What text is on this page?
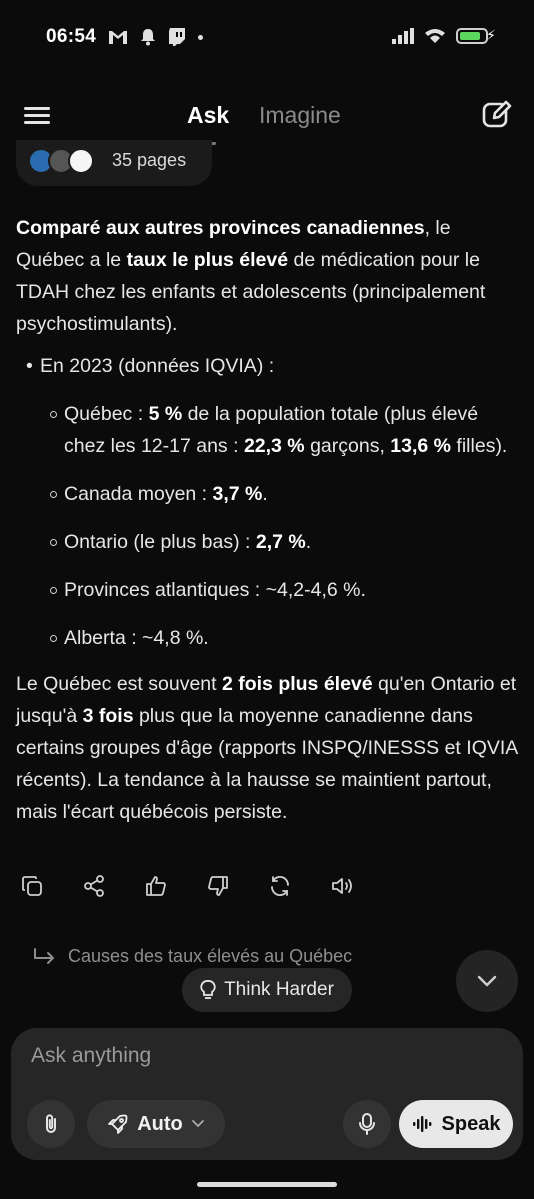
06:54	⚡
Ask Imagine
35 pages

Comparé aux autres provinces canadiennes, le Québec a le taux le plus élevé de médication pour le TDAH chez les enfants et adolescents (principalement psychostimulants).

• En 2023 (données IQVIA) :
Québec : 5 % de la population totale (plus élevé chez les 12-17 ans : 22,3 % garçons, 13,6 % filles).
Canada moyen : 3,7 %.
Ontario (le plus bas) : 2,7 %.
Provinces atlantiques : ~4,2-4,6 %.
Alberta : ~4,8 %.

Le Québec est souvent 2 fois plus élevé qu'en Ontario et jusqu'à 3 fois plus que la moyenne canadienne dans certains groupes d'âge (rapports INSPQ/INESSS et IQVIA récents). La tendance à la hausse se maintient partout, mais l'écart québécois persiste.

Causes des taux élevés au Québec
Think Harder
Ask anything
Auto	Speak
